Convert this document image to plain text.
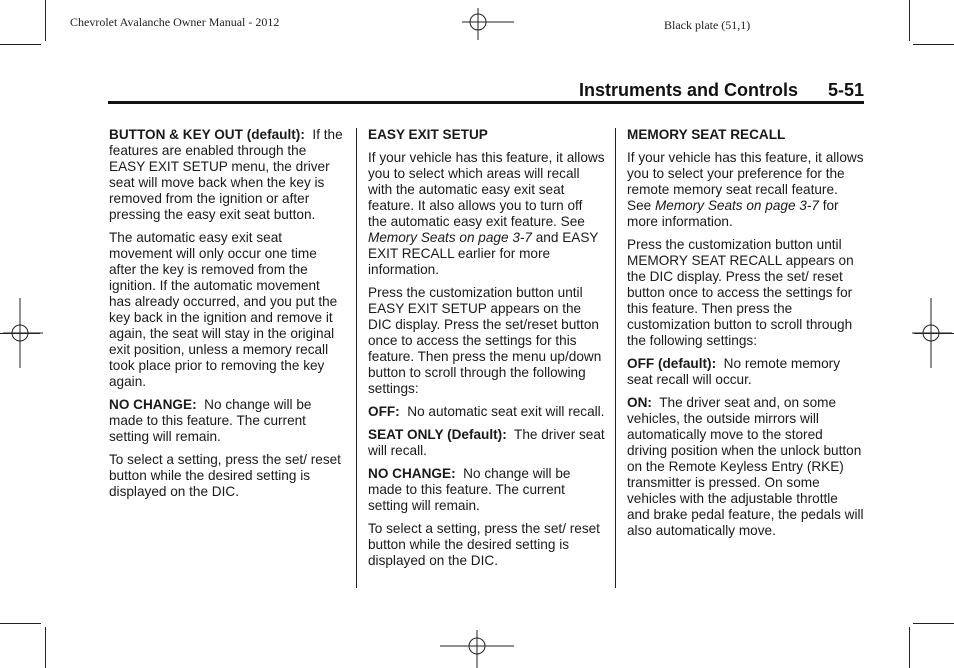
Chevrolet Avalanche Owner Manual - 2012	Black plate (51,1)
Instruments and Controls 5-51

BUTTON & KEY OUT (default): If the features are enabled through the EASY EXIT SETUP menu, the driver seat will move back when the key is removed from the ignition or after pressing the easy exit seat button.

The automatic easy exit seat movement will only occur one time after the key is removed from the ignition. If the automatic movement has already occurred, and you put the key back in the ignition and remove it again, the seat will stay in the original exit position, unless a memory recall took place prior to removing the key again.

NO CHANGE: No change will be made to this feature. The current setting will remain.

To select a setting, press the set/ reset button while the desired setting is displayed on the DIC.

EASY EXIT SETUP

If your vehicle has this feature, it allows you to select which areas will recall with the automatic easy exit seat feature. It also allows you to turn off the automatic easy exit feature. See Memory Seats on page 3-7 and EASY EXIT RECALL earlier for more information.

Press the customization button until EASY EXIT SETUP appears on the DIC display. Press the set/reset button once to access the settings for this feature. Then press the menu up/down button to scroll through the following settings:

OFF: No automatic seat exit will recall.

SEAT ONLY (Default): The driver seat will recall.

NO CHANGE: No change will be made to this feature. The current setting will remain.

To select a setting, press the set/ reset button while the desired setting is displayed on the DIC.

MEMORY SEAT RECALL

If your vehicle has this feature, it allows you to select your preference for the remote memory seat recall feature. See Memory Seats on page 3-7 for more information.

Press the customization button until MEMORY SEAT RECALL appears on the DIC display. Press the set/ reset button once to access the settings for this feature. Then press the customization button to scroll through the following settings:

OFF (default): No remote memory seat recall will occur.

ON: The driver seat and, on some vehicles, the outside mirrors will automatically move to the stored driving position when the unlock button on the Remote Keyless Entry (RKE) transmitter is pressed. On some vehicles with the adjustable throttle and brake pedal feature, the pedals will also automatically move.
